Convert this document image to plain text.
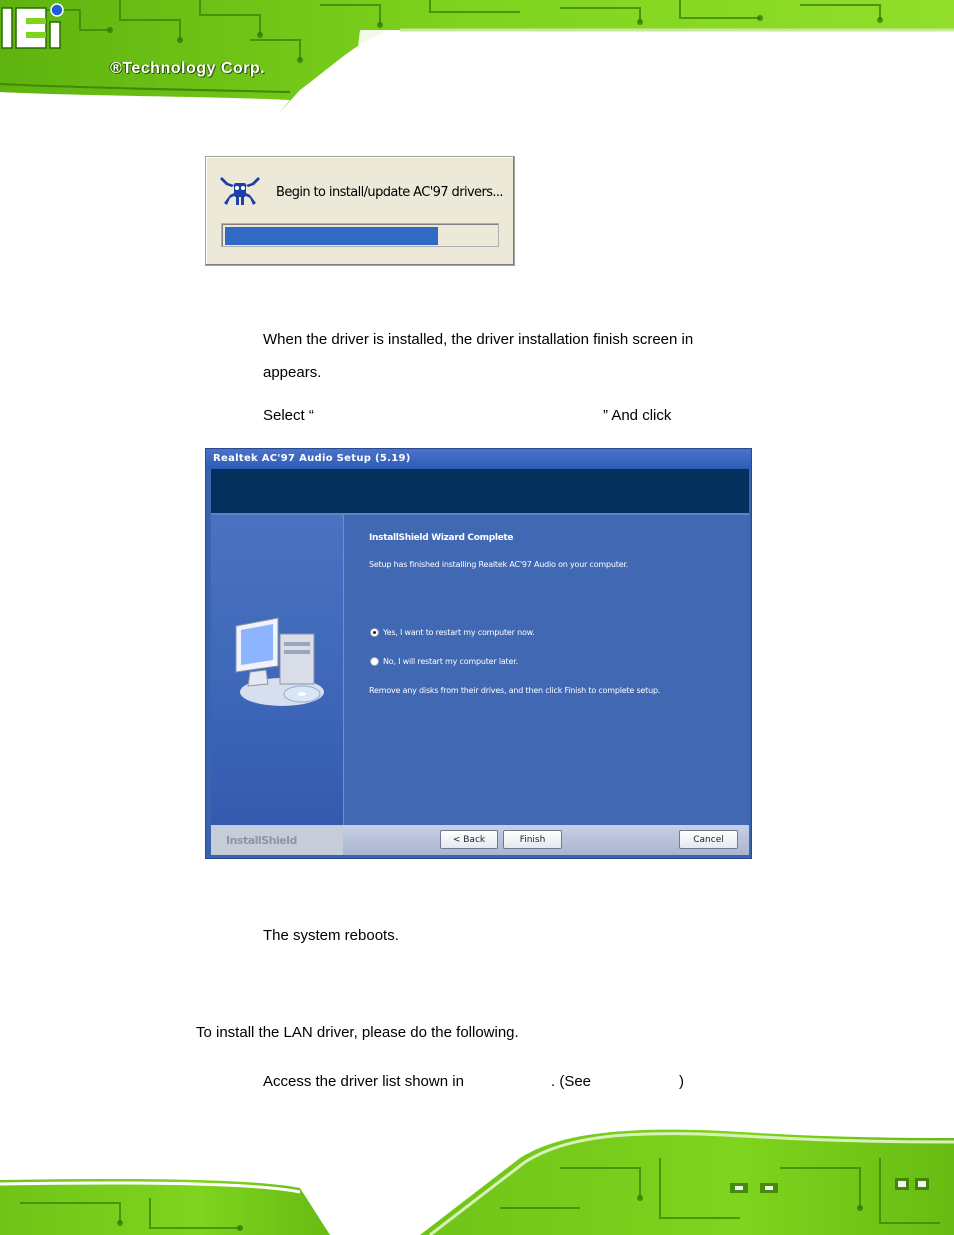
®Technology Corp.
Begin to install/update AC'97 drivers...
When the driver is installed, the driver installation finish screen in
appears.
Select “	” And click
Realtek AC'97 Audio Setup (5.19)
InstallShield Wizard Complete
Setup has finished installing Realtek AC'97 Audio on your computer.
Yes, I want to restart my computer now.
No, I will restart my computer later.
Remove any disks from their drives, and then click Finish to complete setup.
InstallShield	< Back	Finish	Cancel
The system reboots.
To install the LAN driver, please do the following.
Access the driver list shown in	. (See	)
